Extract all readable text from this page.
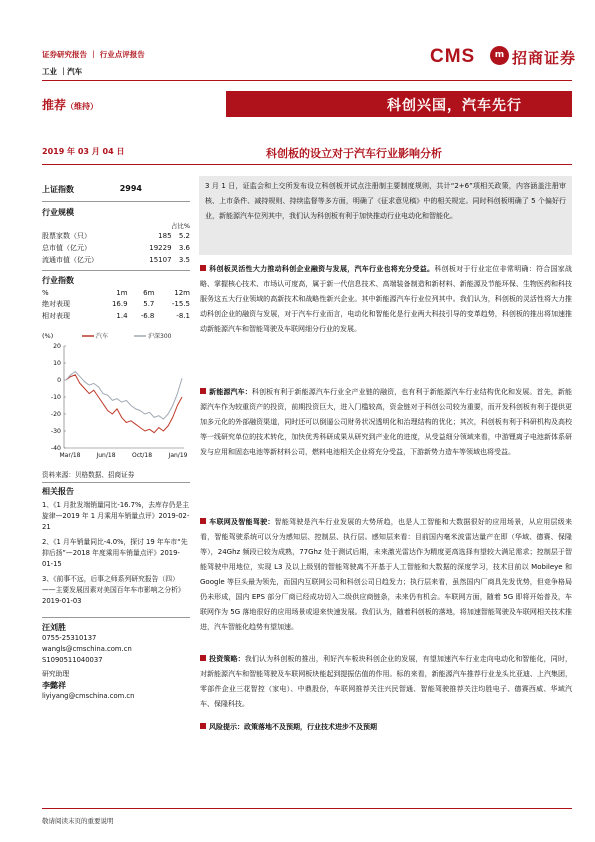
证券研究报告 ｜ 行业点评报告
工业 ｜汽车
CMS	m 招商证券
推荐（维持）	科创兴国，汽车先行
2019 年 03 月 04 日	科创板的设立对于汽车行业影响分析
上证指数	2994
行业规模
占比%
股票家数（只）	185	5.2
总市值（亿元）	19229	3.6
流通市值（亿元）	15107	3.5
行业指数
%	1m	6m	12m
绝对表现	16.9	5.7	-15.5
相对表现	1.4	-6.8	-8.1
(%)	汽车	沪深300
20
10
0
-10
-20
-30
-40
Mar/18	Jun/18	Oct/18	Jan/19
资料来源：贝格数据、招商证券
相关报告
1、《1 月批发端销量同比-16.7%，去库存仍是主旋律—2019 年 1 月乘用车销量点评》2019-02-21
2、《1 月车销量同比-4.0%，探讨 19 年车市“先抑后扬”—2018 年度乘用车销量点评》2019-01-15
3、《前事不远，后事之师系列研究报告（四）——主要发展因素对美国百年车市影响之分析》2019-01-03
汪刘胜
0755-25310137
wangls@cmschina.com.cn
S1090511040037
研究助理
李懿祥
liyiyang@cmschina.com.cn
3 月 1 日，证监会和上交所发布设立科创板并试点注册制主要制度规则，共计“2+6”项相关政策，内容涵盖注册审核、上市条件、减持规则、持续监督等多方面，明确了《征求意见稿》中的相关规定。同时科创板明确了 5 个偏好行业，新能源汽车位列其中，我们认为科创板有利于加快推动行业电动化和智能化。
科创板灵活性大力推动科创企业融资与发展，汽车行业也将充分受益。科创板对于行业定位非常明确：符合国家战略、掌握核心技术、市场认可度高，属于新一代信息技术、高端装备制造和新材料、新能源及节能环保、生物医药和科技服务这五大行业领域的高新技术和战略性新兴企业。其中新能源汽车行业位列其中。我们认为，科创板的灵活性将大力推动科创企业的融资与发展，对于汽车行业而言，电动化和智能化是行业两大科技引导的变革趋势，科创板的推出将加速推动新能源汽车和智能驾驶及车联网细分行业的发展。
新能源汽车：科创板有利于新能源汽车行业全产业链的融资，也有利于新能源汽车行业结构优化和发展。首先，新能源汽车作为较重资产的投资，前期投资巨大，进入门槛较高，资金链对于科创公司较为重要，而开发科创板有利于提供更加多元化的外部融资渠道，同时还可以倒逼公司财务状况透明化和治理结构的优化；其次，科创板有利于科研机构及高校等一线研究单位的技术转化，加快优秀科研成果从研究到产业化的进度，从受益细分领域来看，中游锂离子电池新体系研发与应用和固态电池等新材料公司，燃料电池相关企业将充分受益，下游新势力造车等领域也将受益。
车联网及智能驾驶：智能驾驶是汽车行业发展的大势所趋，也是人工智能和大数据很好的应用场景，从应用层级来看，智能驾驶系统可以分为感知层、控制层、执行层。感知层来看：目前国内毫米波雷达量产在即（华域、德赛、保隆等），24Ghz 频段已较为成熟，77Ghz 处于测试后期，未来激光雷达作为精度更高选择有望较大满足需求；控制层于智能驾驶中用地位，实现 L3 及以上级别的智能驾驶离不开基于人工智能和大数据的深度学习，技术目前以 Mobileye 和 Google 等巨头最为领先，而国内互联网公司和科创公司日趋发力；执行层来看，虽然国内厂商具先发优势，但竞争格局仍未形成，国内 EPS 部分厂商已经成功切入二级供应商链条，未来仍有机会。车联网方面，随着 5G 即将开始普及，车联网作为 5G 落地很好的应用场景或迎来快速发展。我们认为，随着科创板的落地，将加速智能驾驶及车联网相关技术推进，汽车智能化趋势有望加速。
投资策略：我们认为科创板的推出，利好汽车板块科创企业的发展，有望加速汽车行业走向电动化和智能化，同时，对新能源汽车和智能驾驶及车联网板块能起到提振估值的作用。标的来看，新能源汽车推荐行业龙头比亚迪、上汽集团，零部件企业三花智控（家电）、中鼎股份，车联网推荐关注兴民智通、智能驾驶推荐关注均胜电子、德赛西威、华域汽车、保隆科技。
风险提示：政策落地不及预期，行业技术进步不及预期
敬请阅读末页的重要说明
